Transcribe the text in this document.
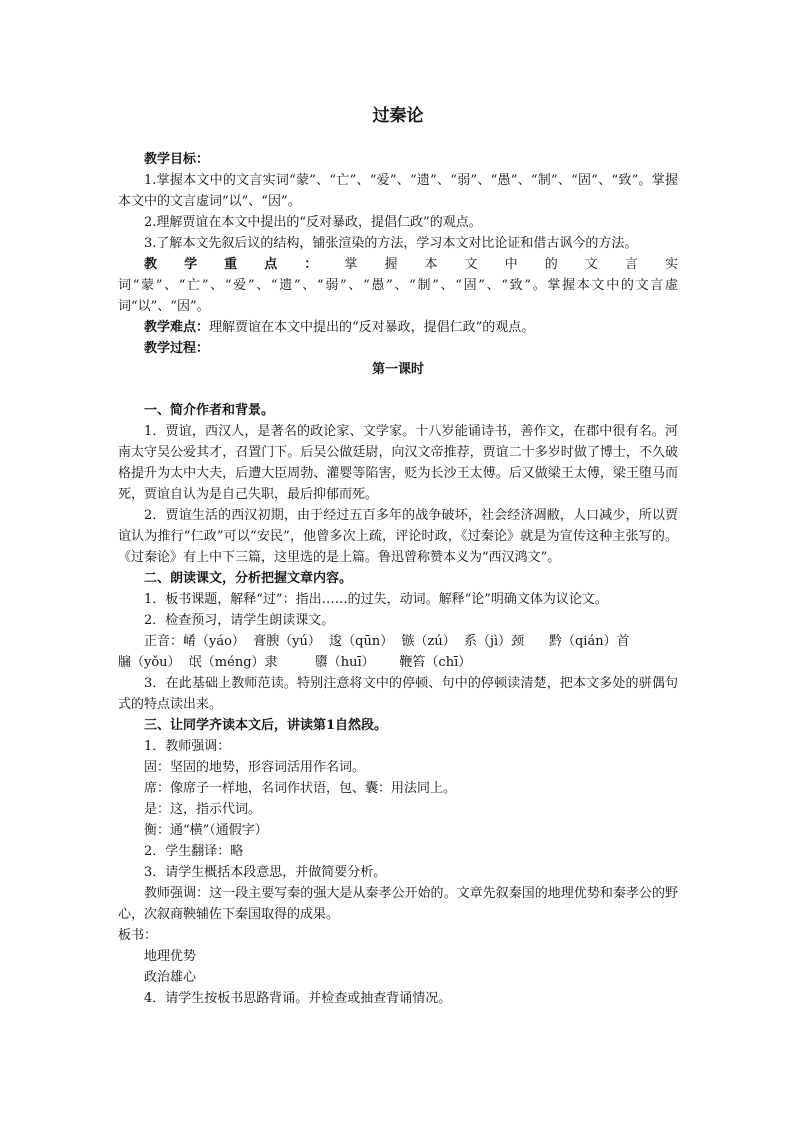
过秦论

教学目标：

1.掌握本文中的文言实词“蒙”、“亡”、“爱”、“遗”、“弱”、“愚”、“制”、“固”、“致”。掌握本文中的文言虚词“以”、“因”。

2.理解贾谊在本文中提出的“反对暴政，提倡仁政”的观点。

3.了解本文先叙后议的结构，铺张渲染的方法，学习本文对比论证和借古讽今的方法。

教学重点：掌握本文中的文言实词“蒙”、“亡”、“爱”、“遗”、“弱”、“愚”、“制”、“固”、“致”。掌握本文中的文言虚词“以”、“因”。

教学难点：理解贾谊在本文中提出的“反对暴政，提倡仁政”的观点。

教学过程：

第一课时

一、简介作者和背景。

1．贾谊，西汉人，是著名的政论家、文学家。十八岁能诵诗书，善作文，在郡中很有名。河南太守吴公爱其才，召置门下。后吴公做廷尉，向汉文帝推荐，贾谊二十多岁时做了博士，不久破格提升为太中大夫，后遭大臣周勃、灌婴等陷害，贬为长沙王太傅。后又做梁王太傅，梁王堕马而死，贾谊自认为是自己失职，最后抑郁而死。

2．贾谊生活的西汉初期，由于经过五百多年的战争破坏，社会经济凋敝，人口减少，所以贾谊认为推行“仁政”可以“安民”，他曾多次上疏，评论时政，《过秦论》就是为宣传这种主张写的。《过秦论》有上中下三篇，这里选的是上篇。鲁迅曾称赞本义为“西汉鸿文”。

二、朗读课文，分析把握文章内容。

1．板书课题，解释“过”：指出……的过失，动词。解释“论”明确文体为议论文。

2．检查预习，请学生朗读课文。

正音：崤（yáo）  膏腴（yú）  逡（qūn）  镞（zú）  系（jì）颈      黔（qián）首

牖（yǒu）  氓（méng）隶         隳（huī）      鞭笞（chī）

3．在此基础上教师范读。特别注意将文中的停顿、句中的停顿读清楚，把本文多处的骈偶句式的特点读出来。

三、让同学齐读本文后，讲读第1自然段。

1．教师强调：

固：坚固的地势，形容词活用作名词。

席：像席子一样地，名词作状语，包、囊：用法同上。

是：这，指示代词。

衡：通“横”（通假字）

2．学生翻译：略

3．请学生概括本段意思，并做简要分析。

教师强调：这一段主要写秦的强大是从秦孝公开始的。文章先叙秦国的地理优势和秦孝公的野心，次叙商鞅辅佐下秦国取得的成果。

板书：

地理优势

政治雄心

4．请学生按板书思路背诵。并检查或抽查背诵情况。
